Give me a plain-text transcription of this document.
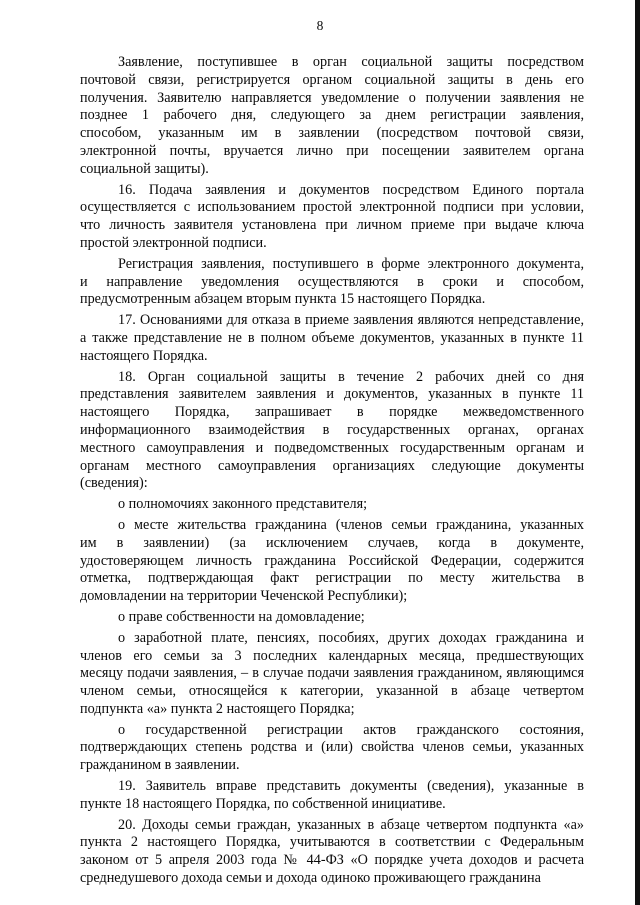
8
Заявление, поступившее в орган социальной защиты посредством
почтовой связи, регистрируется органом социальной защиты в день его
получения. Заявителю направляется уведомление о получении заявления не
позднее 1 рабочего дня, следующего за днем регистрации заявления,
способом, указанным им в заявлении (посредством почтовой связи,
электронной почты, вручается лично при посещении заявителем органа
социальной защиты).
16. Подача заявления и документов посредством Единого портала
осуществляется с использованием простой электронной подписи при условии,
что личность заявителя установлена при личном приеме при выдаче ключа
простой электронной подписи.
Регистрация заявления, поступившего в форме электронного документа,
и направление уведомления осуществляются в сроки и способом,
предусмотренным абзацем вторым пункта 15 настоящего Порядка.
17. Основаниями для отказа в приеме заявления являются непредставление,
а также представление не в полном объеме документов, указанных в пункте 11
настоящего Порядка.
18. Орган социальной защиты в течение 2 рабочих дней со дня
представления заявителем заявления и документов, указанных в пункте 11
настоящего Порядка, запрашивает в порядке межведомственного
информационного взаимодействия в государственных органах, органах
местного самоуправления и подведомственных государственным органам и
органам местного самоуправления организациях следующие документы
(сведения):
о полномочиях законного представителя;
о месте жительства гражданина (членов семьи гражданина, указанных
им в заявлении) (за исключением случаев, когда в документе,
удостоверяющем личность гражданина Российской Федерации, содержится
отметка, подтверждающая факт регистрации по месту жительства в
домовладении на территории Чеченской Республики);
о праве собственности на домовладение;
о заработной плате, пенсиях, пособиях, других доходах гражданина и
членов его семьи за 3 последних календарных месяца, предшествующих
месяцу подачи заявления, – в случае подачи заявления гражданином, являющимся
членом семьи, относящейся к категории, указанной в абзаце четвертом
подпункта «а» пункта 2 настоящего Порядка;
о государственной регистрации актов гражданского состояния,
подтверждающих степень родства и (или) свойства членов семьи, указанных
гражданином в заявлении.
19. Заявитель вправе представить документы (сведения), указанные в
пункте 18 настоящего Порядка, по собственной инициативе.
20. Доходы семьи граждан, указанных в абзаце четвертом подпункта «а»
пункта 2 настоящего Порядка, учитываются в соответствии с Федеральным
законом от 5 апреля 2003 года № 44-ФЗ «О порядке учета доходов и расчета
среднедушевого дохода семьи и дохода одиноко проживающего гражданина
